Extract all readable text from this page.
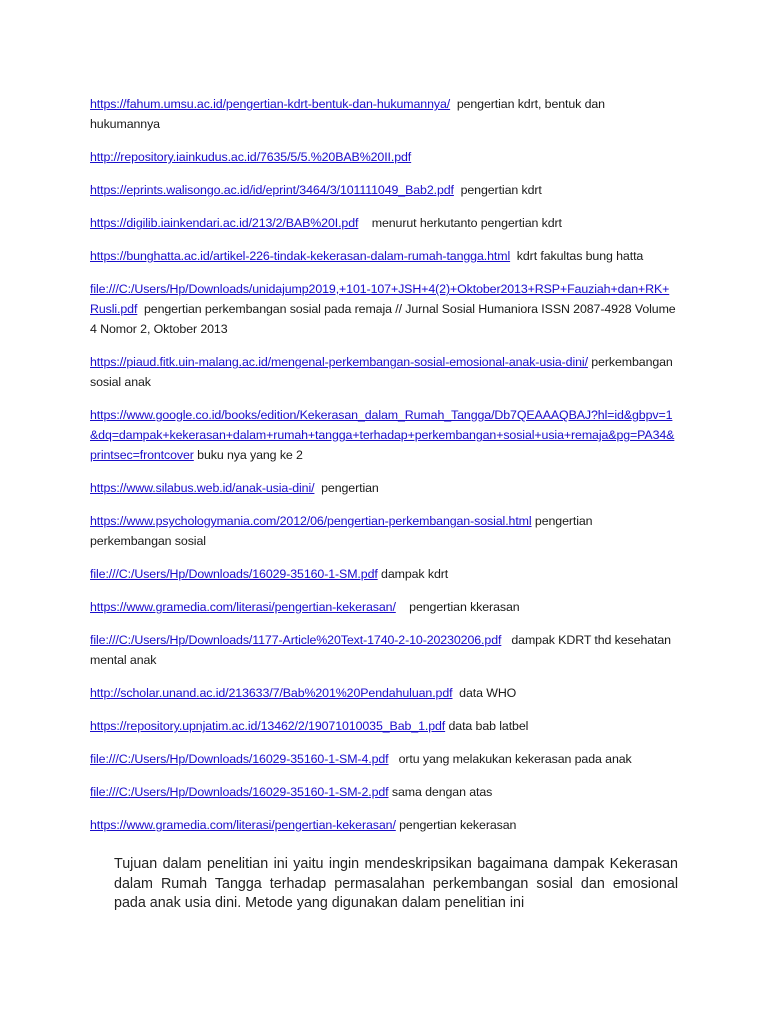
https://fahum.umsu.ac.id/pengertian-kdrt-bentuk-dan-hukumannya/ pengertian kdrt, bentuk dan hukumannya

http://repository.iainkudus.ac.id/7635/5/5.%20BAB%20II.pdf

https://eprints.walisongo.ac.id/id/eprint/3464/3/101111049_Bab2.pdf pengertian kdrt

https://digilib.iainkendari.ac.id/213/2/BAB%20I.pdf menurut herkutanto pengertian kdrt

https://bunghatta.ac.id/artikel-226-tindak-kekerasan-dalam-rumah-tangga.html kdrt fakultas bung hatta

file:///C:/Users/Hp/Downloads/unidajump2019,+101-107+JSH+4(2)+Oktober2013+RSP+Fauziah+dan+RK+Rusli.pdf pengertian perkembangan sosial pada remaja // Jurnal Sosial Humaniora ISSN 2087-4928 Volume 4 Nomor 2, Oktober 2013

https://piaud.fitk.uin-malang.ac.id/mengenal-perkembangan-sosial-emosional-anak-usia-dini/ perkembangan sosial anak

https://www.google.co.id/books/edition/Kekerasan_dalam_Rumah_Tangga/Db7QEAAAQBAJ?hl=id&gbpv=1&dq=dampak+kekerasan+dalam+rumah+tangga+terhadap+perkembangan+sosial+usia+remaja&pg=PA34&printsec=frontcover buku nya yang ke 2

https://www.silabus.web.id/anak-usia-dini/ pengertian

https://www.psychologymania.com/2012/06/pengertian-perkembangan-sosial.html pengertian perkembangan sosial

file:///C:/Users/Hp/Downloads/16029-35160-1-SM.pdf dampak kdrt

https://www.gramedia.com/literasi/pengertian-kekerasan/ pengertian kkerasan

file:///C:/Users/Hp/Downloads/1177-Article%20Text-1740-2-10-20230206.pdf dampak KDRT thd kesehatan mental anak

http://scholar.unand.ac.id/213633/7/Bab%201%20Pendahuluan.pdf data WHO

https://repository.upnjatim.ac.id/13462/2/19071010035_Bab_1.pdf data bab latbel

file:///C:/Users/Hp/Downloads/16029-35160-1-SM-4.pdf ortu yang melakukan kekerasan pada anak

file:///C:/Users/Hp/Downloads/16029-35160-1-SM-2.pdf sama dengan atas

https://www.gramedia.com/literasi/pengertian-kekerasan/ pengertian kekerasan

Tujuan dalam penelitian ini yaitu ingin mendeskripsikan bagaimana dampak Kekerasan dalam Rumah Tangga terhadap permasalahan perkembangan sosial dan emosional pada anak usia dini. Metode yang digunakan dalam penelitian ini
